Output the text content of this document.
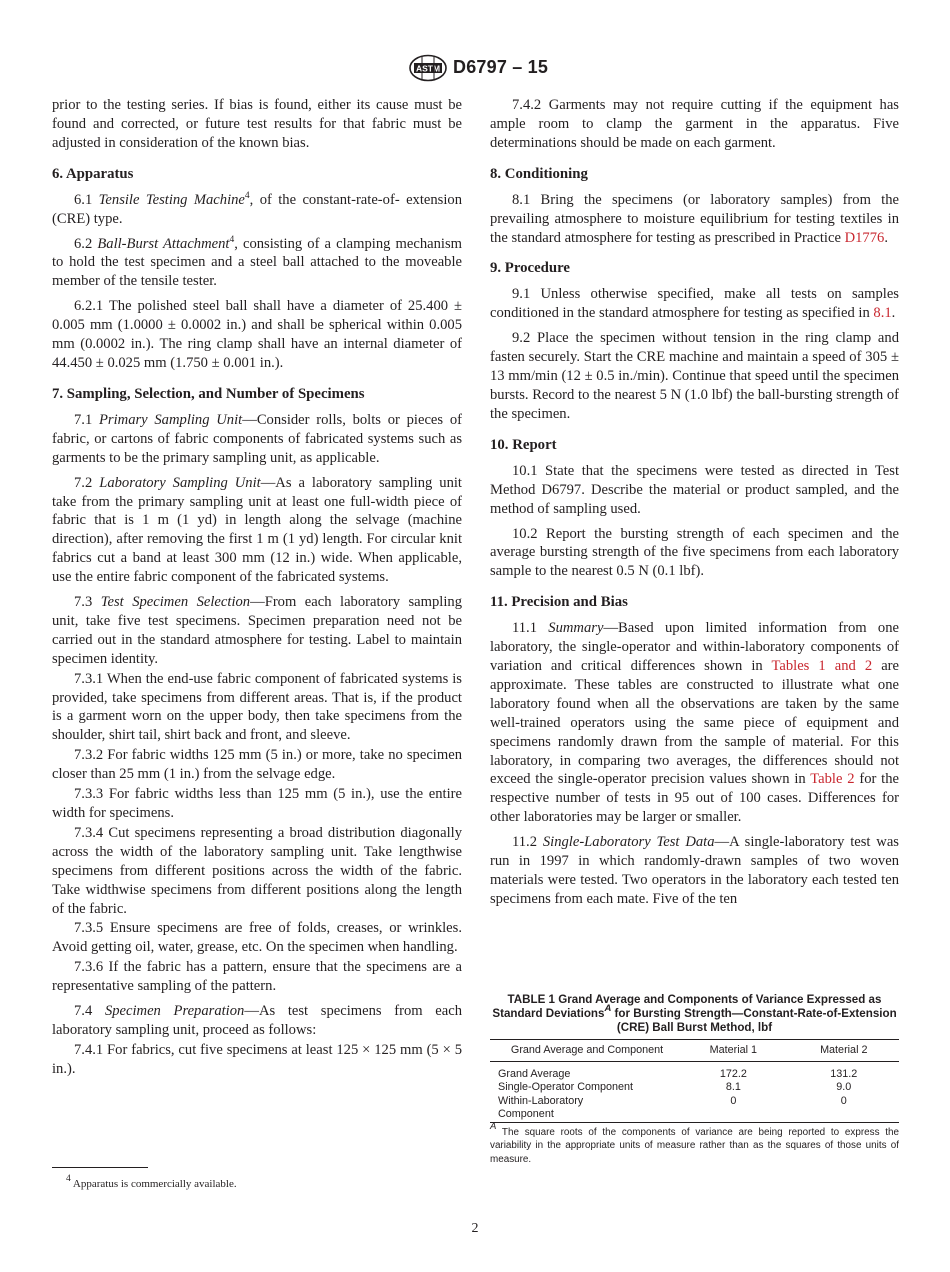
ASTM D6797 – 15

prior to the testing series. If bias is found, either its cause must be found and corrected, or future test results for that fabric must be adjusted in consideration of the known bias.

6. Apparatus

6.1 Tensile Testing Machine$^4$, of the constant-rate-of- extension (CRE) type.

6.2 Ball-Burst Attachment$^4$, consisting of a clamping mechanism to hold the test specimen and a steel ball attached to the moveable member of the tensile tester.

6.2.1 The polished steel ball shall have a diameter of 25.400 ± 0.005 mm (1.0000 ± 0.0002 in.) and shall be spherical within 0.005 mm (0.0002 in.). The ring clamp shall have an internal diameter of 44.450 ± 0.025 mm (1.750 ± 0.001 in.).

7. Sampling, Selection, and Number of Specimens

7.1 Primary Sampling Unit—Consider rolls, bolts or pieces of fabric, or cartons of fabric components of fabricated systems such as garments to be the primary sampling unit, as applicable.

7.2 Laboratory Sampling Unit—As a laboratory sampling unit take from the primary sampling unit at least one full-width piece of fabric that is 1 m (1 yd) in length along the selvage (machine direction), after removing the first 1 m (1 yd) length. For circular knit fabrics cut a band at least 300 mm (12 in.) wide. When applicable, use the entire fabric component of the fabricated systems.

7.3 Test Specimen Selection—From each laboratory sampling unit, take five test specimens. Specimen preparation need not be carried out in the standard atmosphere for testing. Label to maintain specimen identity.

7.3.1 When the end-use fabric component of fabricated systems is provided, take specimens from different areas. That is, if the product is a garment worn on the upper body, then take specimens from the shoulder, shirt tail, shirt back and front, and sleeve.

7.3.2 For fabric widths 125 mm (5 in.) or more, take no specimen closer than 25 mm (1 in.) from the selvage edge.

7.3.3 For fabric widths less than 125 mm (5 in.), use the entire width for specimens.

7.3.4 Cut specimens representing a broad distribution diagonally across the width of the laboratory sampling unit. Take lengthwise specimens from different positions across the width of the fabric. Take widthwise specimens from different positions along the length of the fabric.

7.3.5 Ensure specimens are free of folds, creases, or wrinkles. Avoid getting oil, water, grease, etc. On the specimen when handling.

7.3.6 If the fabric has a pattern, ensure that the specimens are a representative sampling of the pattern.

7.4 Specimen Preparation—As test specimens from each laboratory sampling unit, proceed as follows:

7.4.1 For fabrics, cut five specimens at least 125 × 125 mm (5 × 5 in.).

7.4.2 Garments may not require cutting if the equipment has ample room to clamp the garment in the apparatus. Five determinations should be made on each garment.

8. Conditioning

8.1 Bring the specimens (or laboratory samples) from the prevailing atmosphere to moisture equilibrium for testing textiles in the standard atmosphere for testing as prescribed in Practice D1776.

9. Procedure

9.1 Unless otherwise specified, make all tests on samples conditioned in the standard atmosphere for testing as specified in 8.1.

9.2 Place the specimen without tension in the ring clamp and fasten securely. Start the CRE machine and maintain a speed of 305 ± 13 mm/min (12 ± 0.5 in./min). Continue that speed until the specimen bursts. Record to the nearest 5 N (1.0 lbf) the ball-bursting strength of the specimen.

10. Report

10.1 State that the specimens were tested as directed in Test Method D6797. Describe the material or product sampled, and the method of sampling used.

10.2 Report the bursting strength of each specimen and the average bursting strength of the five specimens from each laboratory sample to the nearest 0.5 N (0.1 lbf).

11. Precision and Bias

11.1 Summary—Based upon limited information from one laboratory, the single-operator and within-laboratory components of variation and critical differences shown in Tables 1 and 2 are approximate. These tables are constructed to illustrate what one laboratory found when all the observations are taken by the same well-trained operators using the same piece of equipment and specimens randomly drawn from the sample of material. For this laboratory, in comparing two averages, the differences should not exceed the single-operator precision values shown in Table 2 for the respective number of tests in 95 out of 100 cases. Differences for other laboratories may be larger or smaller.

11.2 Single-Laboratory Test Data—A single-laboratory test was run in 1997 in which randomly-drawn samples of two woven materials were tested. Two operators in the laboratory each tested ten specimens from each mate. Five of the ten

TABLE 1 Grand Average and Components of Variance Expressed as Standard Deviations$^A$ for Bursting Strength—Constant-Rate-of-Extension (CRE) Ball Burst Method, lbf
Grand Average and Component	Material 1	Material 2
Grand Average	172.2	131.2
Single-Operator Component	8.1	9.0

Within-Laboratory Component	0	0
$^A$ The square roots of the components of variance are being reported to express the variability in the appropriate units of measure rather than as the squares of those units of measure.
$^4$ Apparatus is commercially available.
2
